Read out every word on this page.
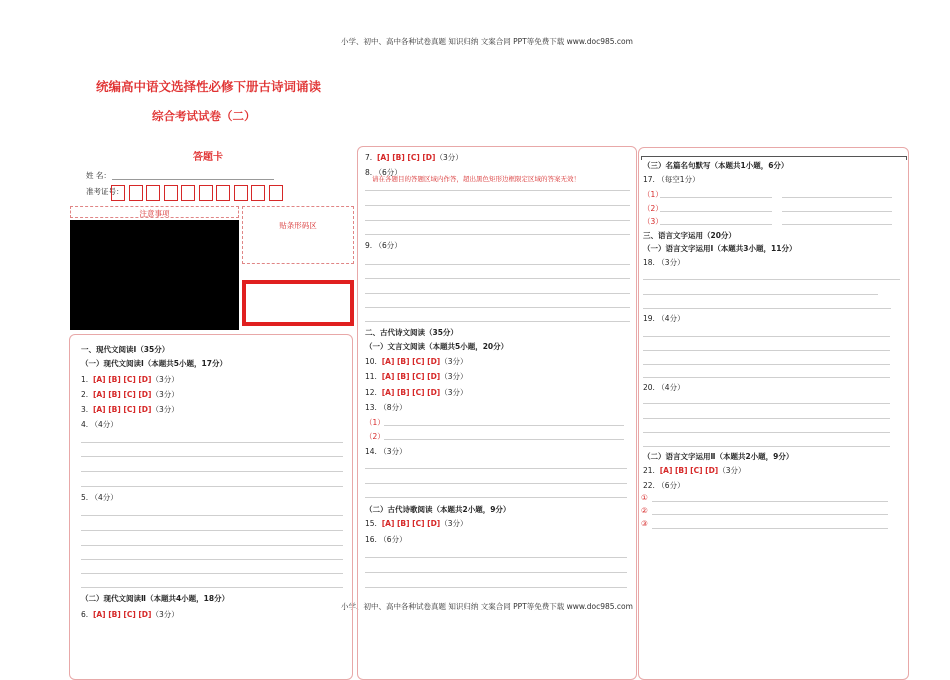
小学、初中、高中各种试卷真题 知识归纳 文案合同 PPT等免费下载 www.doc985.com
小学、初中、高中各种试卷真题 知识归纳 文案合同 PPT等免费下载 www.doc985.com
统编高中语文选择性必修下册古诗词诵读
综合考试试卷（二）
答题卡
姓 名：
准考证号：
注意事项
贴条形码区
一、现代文阅读Ⅰ（35分）
（一）现代文阅读Ⅰ（本题共5小题，17分）
1. [A] [B] [C] [D]（3分）
2. [A] [B] [C] [D]（3分）
3. [A] [B] [C] [D]（3分）
4. （4分）
5. （4分）
（二）现代文阅读Ⅱ（本题共4小题，18分）
6. [A] [B] [C] [D]（3分）
7. [A] [B] [C] [D]（3分）
8. （6分）
请在各题目的答题区域内作答，超出黑色矩形边框限定区域的答案无效！
9. （6分）
二、古代诗文阅读（35分）
（一）文言文阅读（本题共5小题，20分）
10. [A] [B] [C] [D]（3分）
11. [A] [B] [C] [D]（3分）
12. [A] [B] [C] [D]（3分）
13. （8分）
（1）
（2）
14. （3分）
（二）古代诗歌阅读（本题共2小题，9分）
15. [A] [B] [C] [D]（3分）
16. （6分）
（三）名篇名句默写（本题共1小题，6分）
17. （每空1分）
（1）
（2）
（3）
三、语言文字运用（20分）
（一）语言文字运用Ⅰ（本题共3小题，11分）
18. （3分）
19. （4分）
20. （4分）
（二）语言文字运用Ⅱ（本题共2小题，9分）
21. [A] [B] [C] [D]（3分）
22. （6分）
①
②
③
